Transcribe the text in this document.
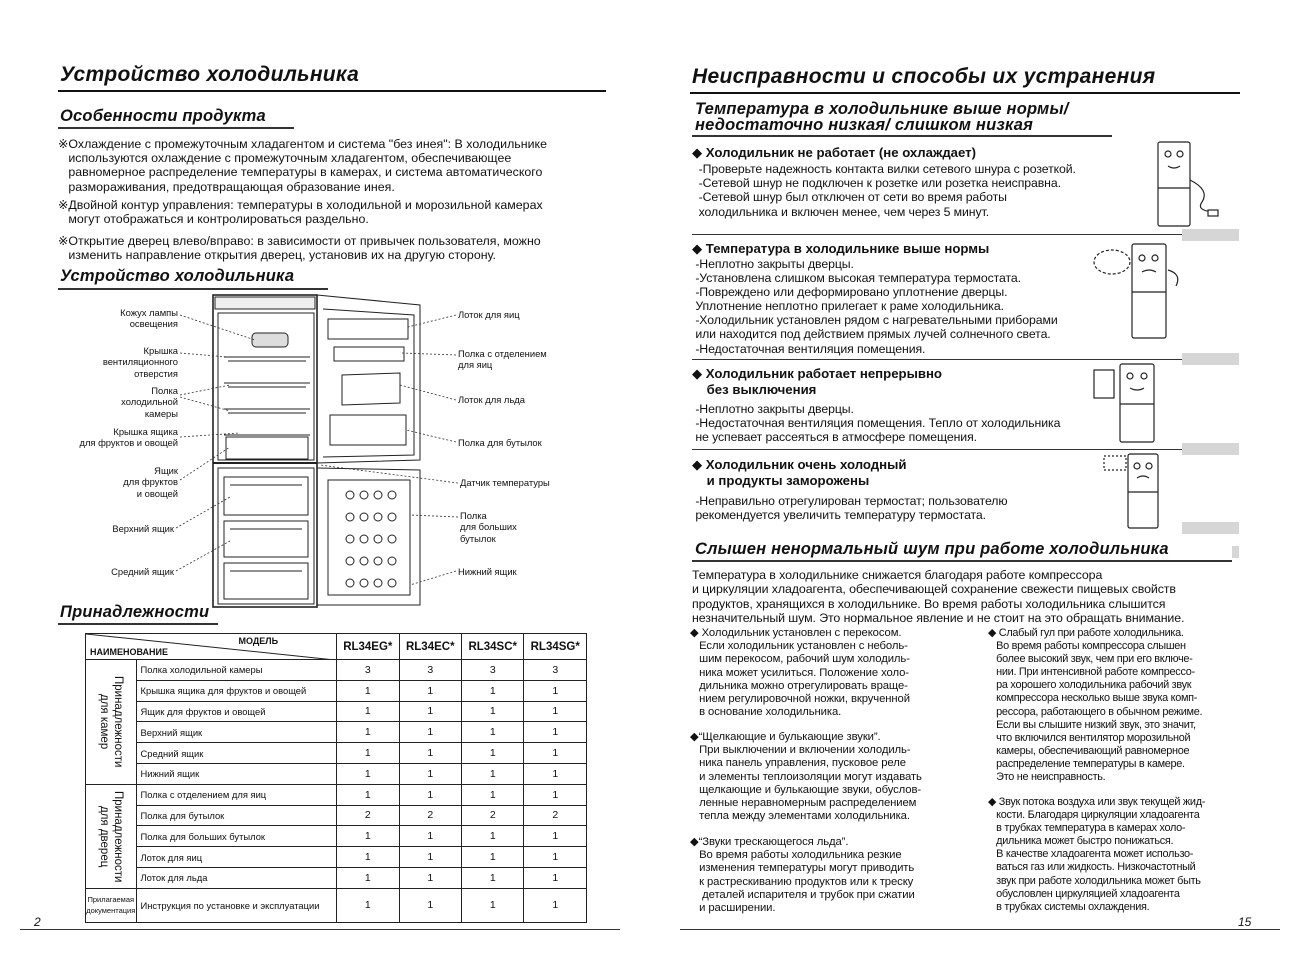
Устройство холодильника
Особенности продукта
※Охлаждение с промежуточным хладагентом и система "без инея": В холодильнике
используются охлаждение с промежуточным хладагентом, обеспечивающее
равномерное распределение температуры в камерах, и система автоматического
размораживания, предотвращающая образование инея.
※Двойной контур управления: температуры в холодильной и морозильной камерах
могут отображаться и контролироваться раздельно.
※Открытие дверец влево/вправо: в зависимости от привычек пользователя, можно
изменить направление открытия дверец, установив их на другую сторону.
Устройство холодильника
Кожух лампы
освещения
Крышка
вентиляционного
отверстия
Полка
холодильной
камеры
Крышка ящика
для фруктов и овощей
Ящик
для фруктов
и овощей
Верхний ящик
Средний ящик
Лоток для яиц
Полка с отделением
для яиц
Лоток для льда
Полка для бутылок
Датчик температуры
Полка
для больших
бутылок
Нижний ящик
Принадлежности
МОДЕЛЬ
НАИМЕНОВАНИЕ		RL34EG*	RL34EC*	RL34SC*	RL34SG*

Принадлежности
для камер	Полка холодильной камеры	3	3	3	3
	Крышка ящика для фруктов и овощей	1	1	1	1
	Ящик для фруктов и овощей	1	1	1	1
	Верхний ящик	1	1	1	1
	Средний ящик	1	1	1	1
	Нижний ящик	1	1	1	1

Принадлежности
для дверец	Полка с отделением для яиц	1	1	1	1
	Полка для бутылок	2	2	2	2
	Полка для больших бутылок	1	1	1	1
	Лоток для яиц	1	1	1	1
	Лоток для льда	1	1	1	1
Прилагаемая
документация	Инструкция по установке и эксплуатации	1	1	1	1
2
Неисправности и способы их устранения
Температура в холодильнике выше нормы/
недостаточно низкая/ слишком низкая
◆ Холодильник не работает (не охлаждает)
-Проверьте надежность контакта вилки сетевого шнура с розеткой.
-Сетевой шнур не подключен к розетке или розетка неисправна.
-Сетевой шнур был отключен от сети во время работы
холодильника и включен менее, чем через 5 минут.
◆ Температура в холодильнике выше нормы
-Неплотно закрыты дверцы.
-Установлена слишком высокая температура термостата.
-Повреждено или деформировано уплотнение дверцы.
Уплотнение неплотно прилегает к раме холодильника.
-Холодильник установлен рядом с нагревательными приборами
или находится под действием прямых лучей солнечного света.
-Недостаточная вентиляция помещения.
◆ Холодильник работает непрерывно
без выключения
-Неплотно закрыты дверцы.
-Недостаточная вентиляция помещения. Тепло от холодильника
не успевает рассеяться в атмосфере помещения.
◆ Холодильник очень холодный
и продукты заморожены
-Неправильно отрегулирован термостат; пользователю
рекомендуется увеличить температуру термостата.
Слышен ненормальный шум при работе холодильника
Температура в холодильнике снижается благодаря работе компрессора
и циркуляции хладоагента, обеспечивающей сохранение свежести пищевых свойств
продуктов, хранящихся в холодильнике. Во время работы холодильника слышится
незначительный шум. Это нормальное явление и не стоит на это обращать внимание.
◆ Холодильник установлен с перекосом.
Если холодильник установлен с неболь-
шим перекосом, рабочий шум холодиль-
ника может усилиться. Положение холо-
дильника можно отрегулировать враще-
нием регулировочной ножки, вкрученной
в основание холодильника.
◆“Щелкающие и булькающие звуки”.
При выключении и включении холодиль-
ника панель управления, пусковое реле
и элементы теплоизоляции могут издавать
щелкающие и булькающие звуки, обуслов-
ленные неравномерным распределением
тепла между элементами холодильника.
◆“Звуки трескающегося льда”.
Во время работы холодильника резкие
изменения температуры могут приводить
к растрескиванию продуктов или к треску
деталей испарителя и трубок при сжатии
и расширении.
◆ Слабый гул при работе холодильника.
Во время работы компрессора слышен
более высокий звук, чем при его включе-
нии. При интенсивной работе компрессо-
ра хорошего холодильника рабочий звук
компрессора несколько выше звука комп-
рессора, работающего в обычном режиме.
Если вы слышите низкий звук, это значит,
что включился вентилятор морозильной
камеры, обеспечивающий равномерное
распределение температуры в камере.
Это не неисправность.
◆ Звук потока воздуха или звук текущей жид-
кости. Благодаря циркуляции хладоагента
в трубках температура в камерах холо-
дильника может быстро понижаться.
В качестве хладоагента может использо-
ваться газ или жидкость. Низкочастотный
звук при работе холодильника может быть
обусловлен циркуляцией хладоагента
в трубках системы охлаждения.
15
